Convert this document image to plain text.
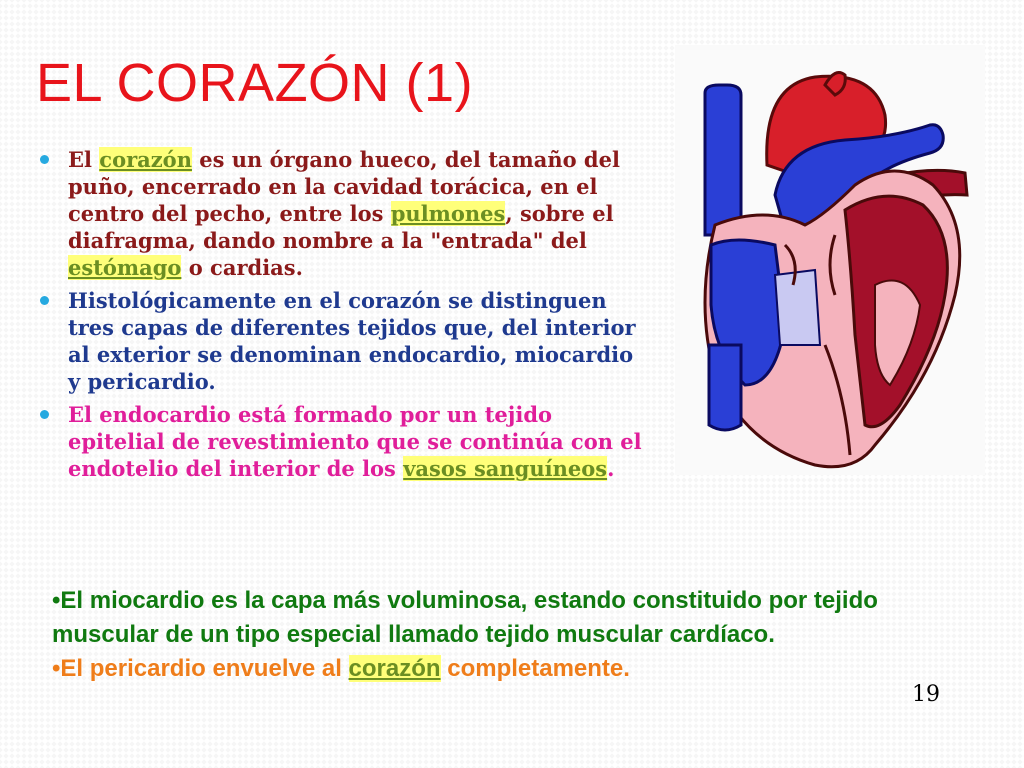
EL CORAZÓN (1)
El corazón es un órgano hueco, del tamaño del puño, encerrado en la cavidad torácica, en el centro del pecho, entre los pulmones, sobre el diafragma, dando nombre a la "entrada" del estómago o cardias.
Histológicamente en el corazón se distinguen tres capas de diferentes tejidos que, del interior al exterior se denominan endocardio, miocardio y pericardio.
El endocardio está formado por un tejido epitelial de revestimiento que se continúa con el endotelio del interior de los vasos sanguíneos.

•El miocardio es la capa más voluminosa, estando constituido por tejido muscular de un tipo especial llamado tejido muscular cardíaco.

•El pericardio envuelve al corazón completamente.

19
